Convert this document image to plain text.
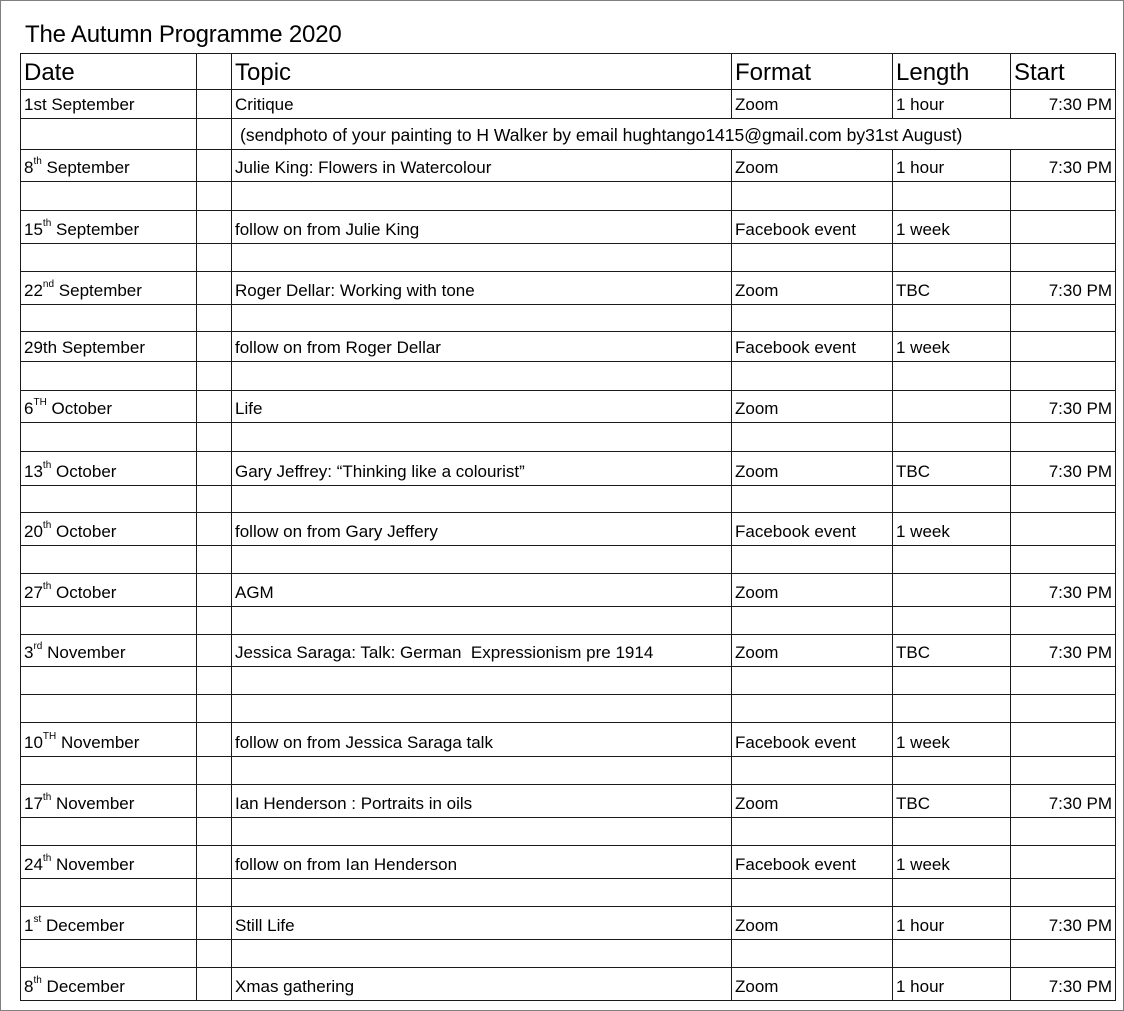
The Autumn Programme 2020
Date		Topic	Format	Length	Start
1st September		Critique	Zoom	1 hour	7:30 PM
		(sendphoto of your painting to H Walker by email hughtango1415@gmail.com by31st August)			
8th September		Julie King: Flowers in Watercolour	Zoom	1 hour	7:30 PM

15th September		follow on from Julie King	Facebook event	1 week	

22nd September		Roger Dellar: Working with tone	Zoom	TBC	7:30 PM

29th September		follow on from Roger Dellar	Facebook event	1 week	

6TH October		Life	Zoom		7:30 PM

13th October		Gary Jeffrey: “Thinking like a colourist”	Zoom	TBC	7:30 PM

20th October		follow on from Gary Jeffery	Facebook event	1 week	

27th October		AGM	Zoom		7:30 PM

3rd November		Jessica Saraga: Talk: German  Expressionism pre 1914	Zoom	TBC	7:30 PM

10TH November		follow on from Jessica Saraga talk	Facebook event	1 week	

17th November		Ian Henderson : Portraits in oils	Zoom	TBC	7:30 PM

24th November		follow on from Ian Henderson	Facebook event	1 week	

1st December		Still Life	Zoom	1 hour	7:30 PM

8th December		Xmas gathering	Zoom	1 hour	7:30 PM
